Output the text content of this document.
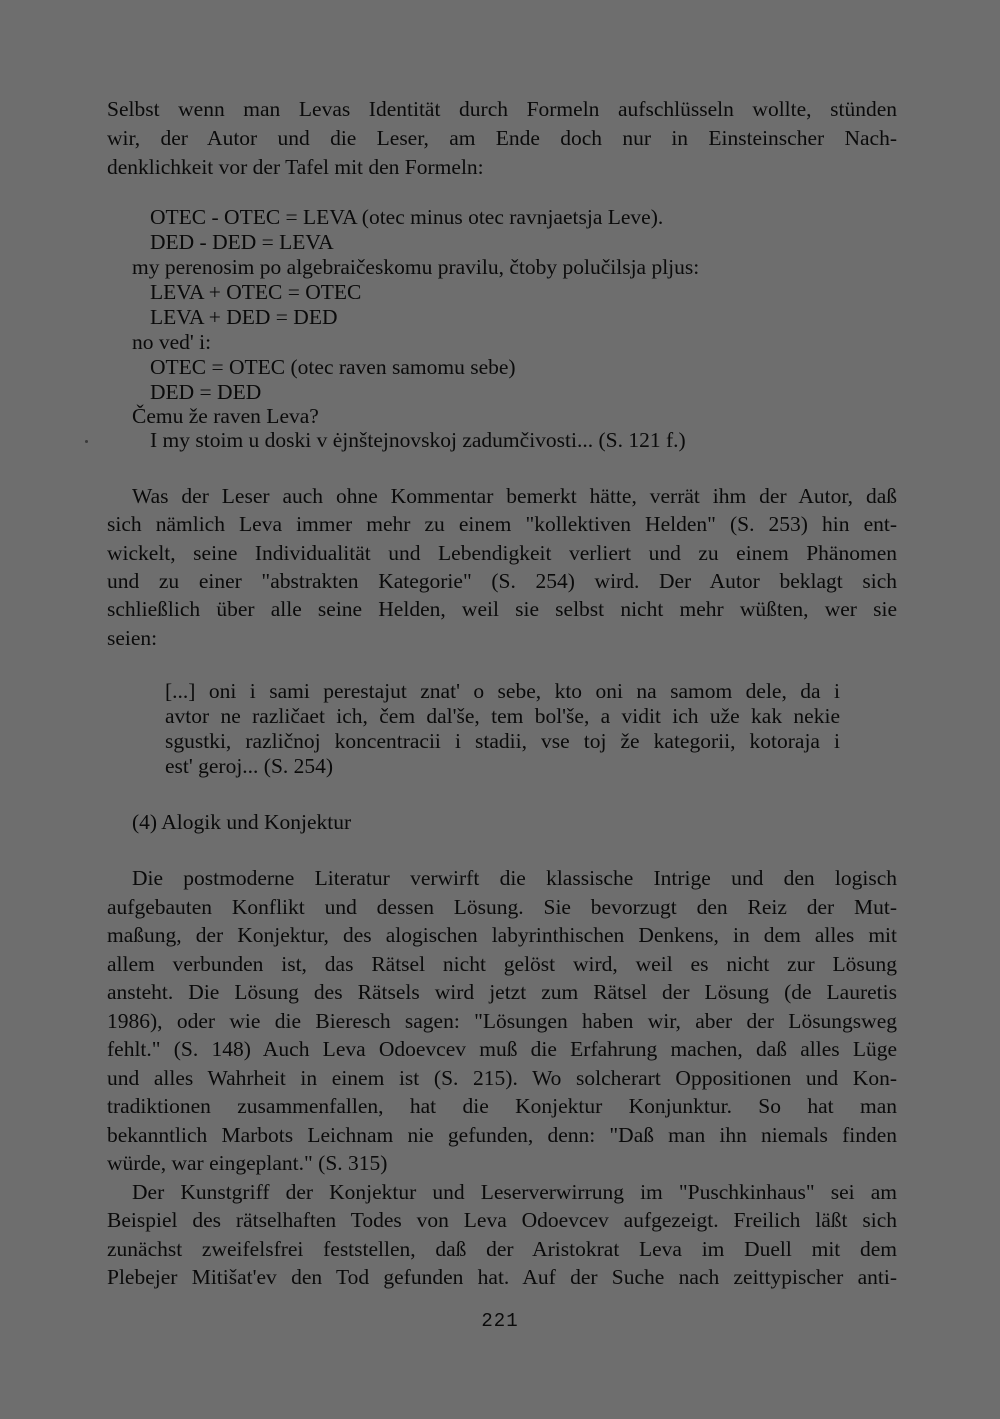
Selbst wenn man Levas Identität durch Formeln aufschlüsseln wollte, stünden

wir, der Autor und die Leser, am Ende doch nur in Einsteinscher Nach-

denklichkeit vor der Tafel mit den Formeln:

OTEC - OTEC = LEVA (otec minus otec ravnjaetsja Leve).

DED - DED = LEVA

my perenosim po algebraičeskomu pravilu, čtoby polučilsja pljus:

LEVA + OTEC = OTEC

LEVA + DED = DED

no ved' i:

OTEC = OTEC (otec raven samomu sebe)

DED = DED

Čemu že raven Leva?

I my stoim u doski v ėjnštejnovskoj zadumčivosti... (S. 121 f.)

Was der Leser auch ohne Kommentar bemerkt hätte, verrät ihm der Autor, daß

sich nämlich Leva immer mehr zu einem "kollektiven Helden" (S. 253) hin ent-

wickelt, seine Individualität und Lebendigkeit verliert und zu einem Phänomen

und zu einer "abstrakten Kategorie" (S. 254) wird. Der Autor beklagt sich

schließlich über alle seine Helden, weil sie selbst nicht mehr wüßten, wer sie

seien:

[...] oni i sami perestajut znat' o sebe, kto oni na samom dele, da i

avtor ne različaet ich, čem dal'še, tem bol'še, a vidit ich uže kak nekie

sgustki, različnoj koncentracii i stadii, vse toj že kategorii, kotoraja i

est' geroj... (S. 254)

(4) Alogik und Konjektur

Die postmoderne Literatur verwirft die klassische Intrige und den logisch

aufgebauten Konflikt und dessen Lösung. Sie bevorzugt den Reiz der Mut-

maßung, der Konjektur, des alogischen labyrinthischen Denkens, in dem alles mit

allem verbunden ist, das Rätsel nicht gelöst wird, weil es nicht zur Lösung

ansteht. Die Lösung des Rätsels wird jetzt zum Rätsel der Lösung (de Lauretis

1986), oder wie die Bieresch sagen: "Lösungen haben wir, aber der Lösungsweg

fehlt." (S. 148) Auch Leva Odoevcev muß die Erfahrung machen, daß alles Lüge

und alles Wahrheit in einem ist (S. 215). Wo solcherart Oppositionen und Kon-

tradiktionen zusammenfallen, hat die Konjektur Konjunktur. So hat man

bekanntlich Marbots Leichnam nie gefunden, denn: "Daß man ihn niemals finden

würde, war eingeplant." (S. 315)

Der Kunstgriff der Konjektur und Leserverwirrung im "Puschkinhaus" sei am

Beispiel des rätselhaften Todes von Leva Odoevcev aufgezeigt. Freilich läßt sich

zunächst zweifelsfrei feststellen, daß der Aristokrat Leva im Duell mit dem

Plebejer Mitišat'ev den Tod gefunden hat. Auf der Suche nach zeittypischer anti-

221
